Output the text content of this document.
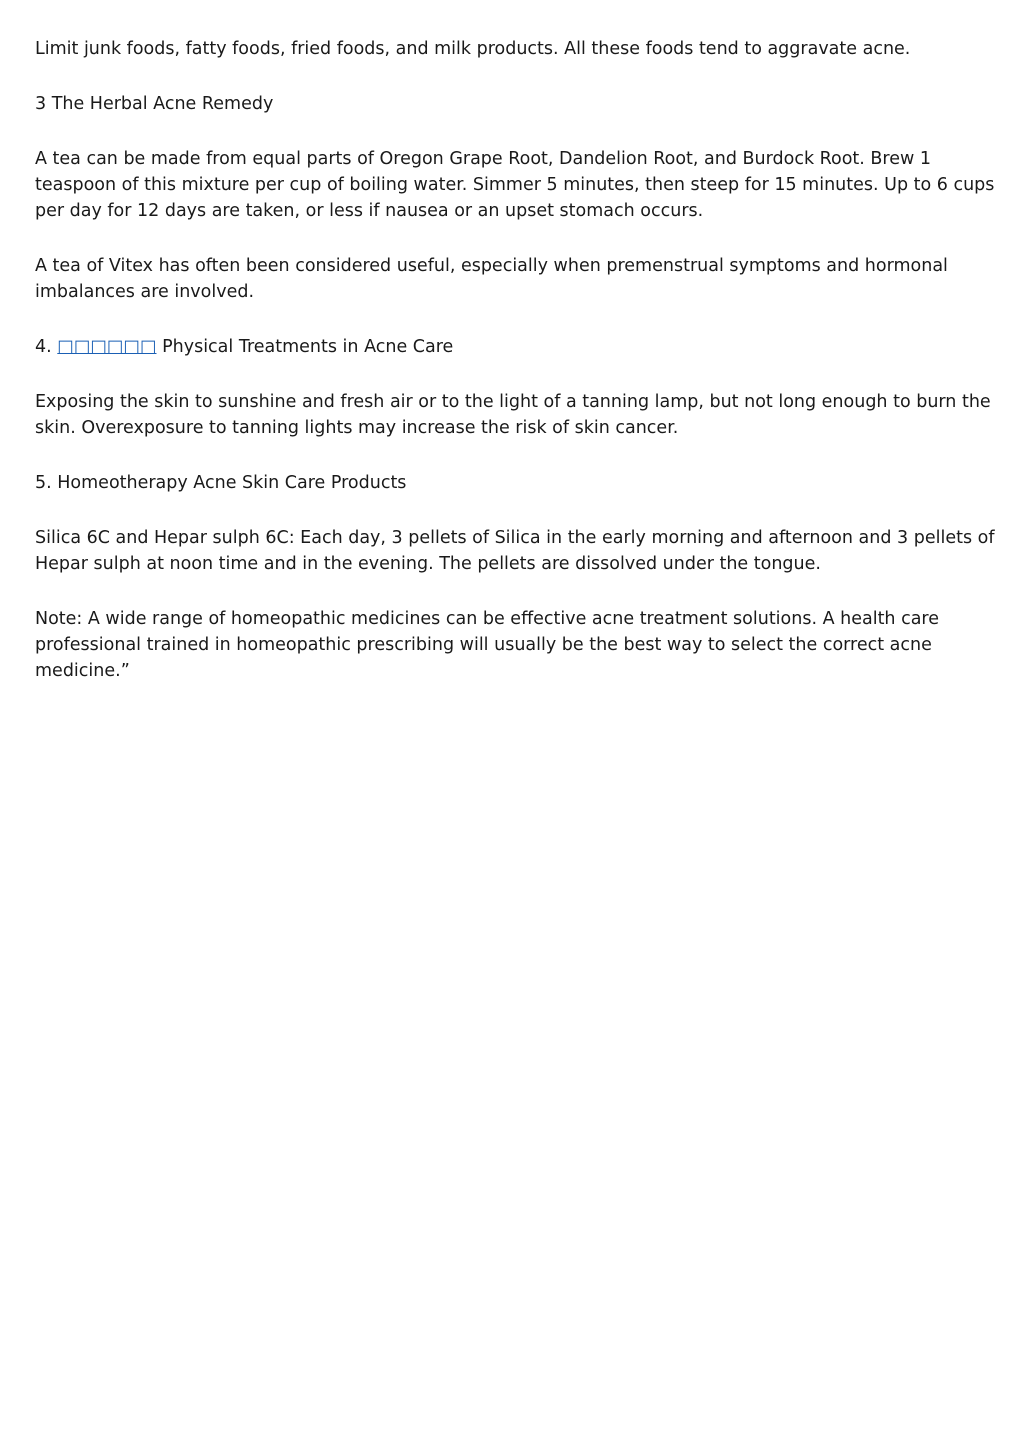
Limit junk foods, fatty foods, fried foods, and milk products. All these foods tend to aggravate acne.

3 The Herbal Acne Remedy

A tea can be made from equal parts of Oregon Grape Root, Dandelion Root, and Burdock Root. Brew 1 teaspoon of this mixture per cup of boiling water. Simmer 5 minutes, then steep for 15 minutes. Up to 6 cups per day for 12 days are taken, or less if nausea or an upset stomach occurs.

A tea of Vitex has often been considered useful, especially when premenstrual symptoms and hormonal imbalances are involved.

4. □□□□□□ Physical Treatments in Acne Care

Exposing the skin to sunshine and fresh air or to the light of a tanning lamp, but not long enough to burn the skin. Overexposure to tanning lights may increase the risk of skin cancer.

5. Homeotherapy Acne Skin Care Products

Silica 6C and Hepar sulph 6C: Each day, 3 pellets of Silica in the early morning and afternoon and 3 pellets of Hepar sulph at noon time and in the evening. The pellets are dissolved under the tongue.

Note: A wide range of homeopathic medicines can be effective acne treatment solutions. A health care professional trained in homeopathic prescribing will usually be the best way to select the correct acne medicine.”
